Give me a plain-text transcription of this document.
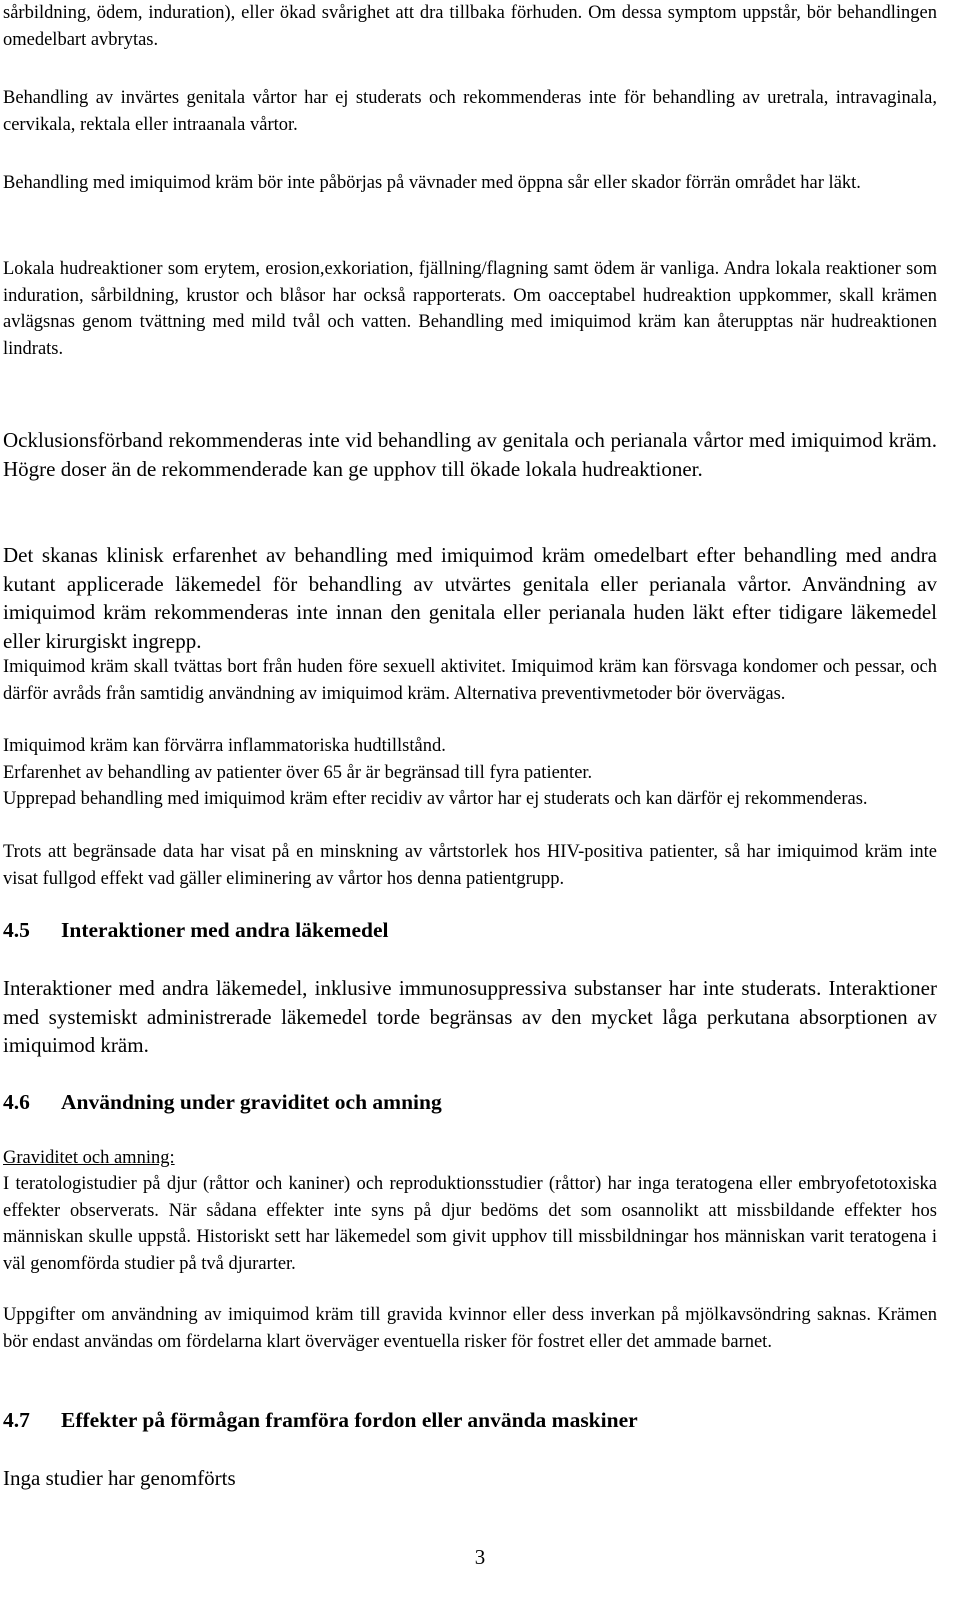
sårbildning, ödem, induration), eller ökad svårighet att dra tillbaka förhuden. Om dessa symptom uppstår, bör behandlingen omedelbart avbrytas.

Behandling av invärtes genitala vårtor har ej studerats och rekommenderas inte för behandling av uretrala, intravaginala, cervikala, rektala eller intraanala vårtor.

Behandling med imiquimod kräm bör inte påbörjas på vävnader med öppna sår eller skador förrän området har läkt.

Lokala hudreaktioner som erytem, erosion,exkoriation, fjällning/flagning samt ödem är vanliga. Andra lokala reaktioner som induration, sårbildning, krustor och blåsor har också rapporterats. Om oacceptabel hudreaktion uppkommer, skall krämen avlägsnas genom tvättning med mild tvål och vatten. Behandling med imiquimod kräm kan återupptas när hudreaktionen lindrats.

Ocklusionsförband rekommenderas inte vid behandling av genitala och perianala vårtor med imiquimod kräm. Högre doser än de rekommenderade kan ge upphov till ökade lokala hudreaktioner.

Det skanas klinisk erfarenhet av behandling med imiquimod kräm omedelbart efter behandling med andra kutant applicerade läkemedel för behandling av utvärtes genitala eller perianala vårtor. Användning av imiquimod kräm rekommenderas inte innan den genitala eller perianala huden läkt efter tidigare läkemedel eller kirurgiskt ingrepp.

Imiquimod kräm skall tvättas bort från huden före sexuell aktivitet. Imiquimod kräm kan försvaga kondomer och pessar, och därför avråds från samtidig användning av imiquimod kräm. Alternativa preventivmetoder bör övervägas.

Imiquimod kräm kan förvärra inflammatoriska hudtillstånd.

Erfarenhet av behandling av patienter över 65 år är begränsad till fyra patienter.

Upprepad behandling med imiquimod kräm efter recidiv av vårtor har ej studerats och kan därför ej rekommenderas.

Trots att begränsade data har visat på en minskning av vårtstorlek hos HIV-positiva patienter, så har imiquimod kräm inte visat fullgod effekt vad gäller eliminering av vårtor hos denna patientgrupp.

4.5 Interaktioner med andra läkemedel

Interaktioner med andra läkemedel, inklusive immunosuppressiva substanser har inte studerats. Interaktioner med systemiskt administrerade läkemedel torde begränsas av den mycket låga perkutana absorptionen av imiquimod kräm.

4.6 Användning under graviditet och amning

Graviditet och amning:

I teratologistudier på djur (råttor och kaniner) och reproduktionsstudier (råttor) har inga teratogena eller embryofetotoxiska effekter observerats. När sådana effekter inte syns på djur bedöms det som osannolikt att missbildande effekter hos människan skulle uppstå. Historiskt sett har läkemedel som givit upphov till missbildningar hos människan varit teratogena i väl genomförda studier på två djurarter.

Uppgifter om användning av imiquimod kräm till gravida kvinnor eller dess inverkan på mjölkavsöndring saknas. Krämen bör endast användas om fördelarna klart överväger eventuella risker för fostret eller det ammade barnet.

4.7 Effekter på förmågan framföra fordon eller använda maskiner

Inga studier har genomförts

3
